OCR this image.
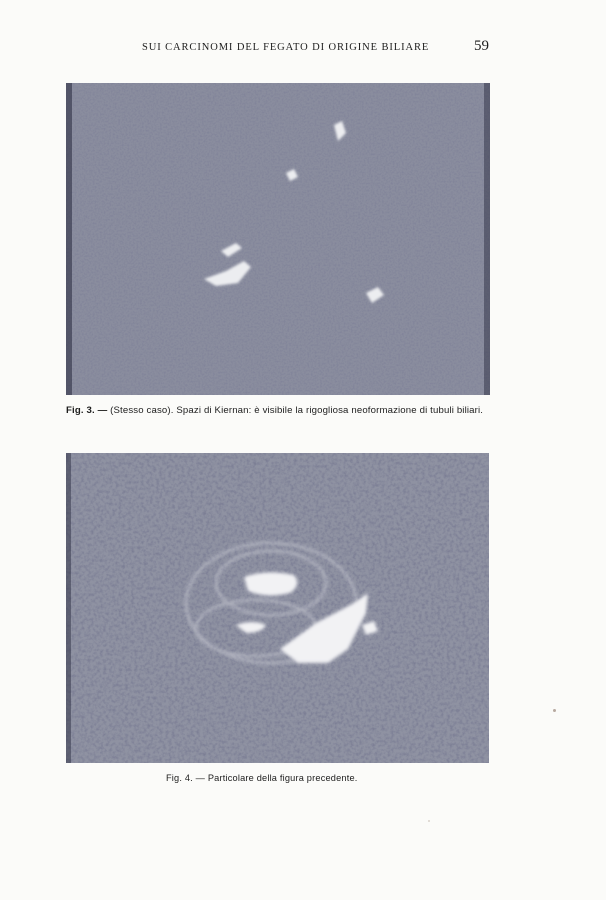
SUI CARCINOMI DEL FEGATO DI ORIGINE BILIARE	59
Fig. 3. — (Stesso caso). Spazi di Kiernan: è visibile la rigogliosa neoformazione di tubuli biliari.
Fig. 4. — Particolare della figura precedente.
